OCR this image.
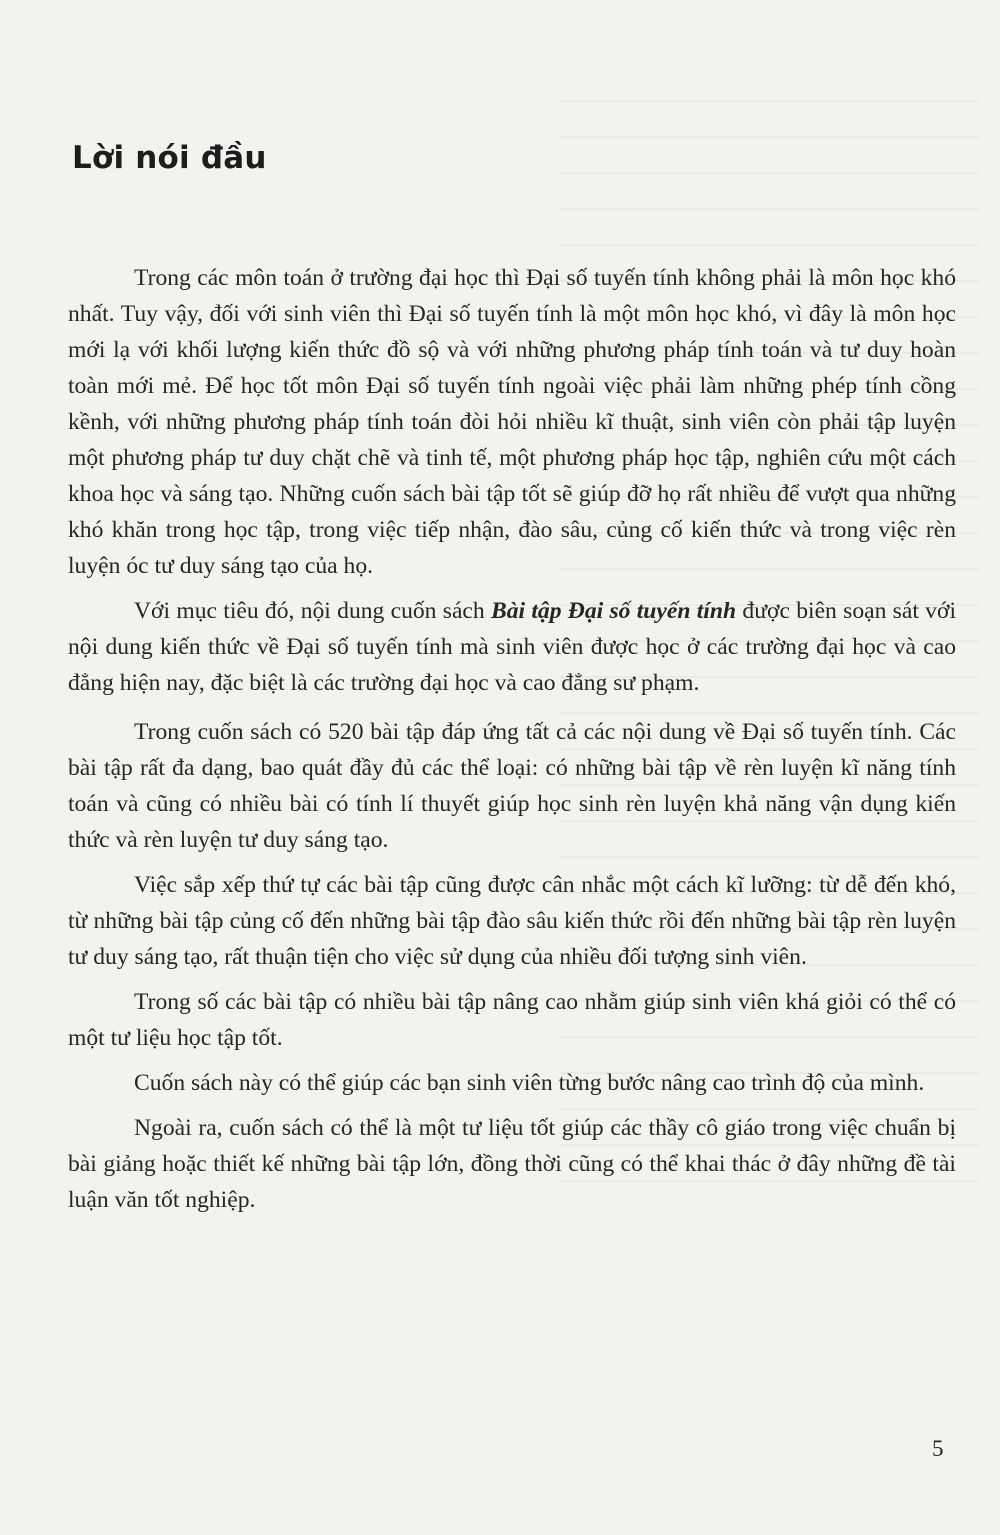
Lời nói đầu

Trong các môn toán ở trường đại học thì Đại số tuyến tính không phải là môn học khó nhất. Tuy vậy, đối với sinh viên thì Đại số tuyến tính là một môn học khó, vì đây là môn học mới lạ với khối lượng kiến thức đồ sộ và với những phương pháp tính toán và tư duy hoàn toàn mới mẻ. Để học tốt môn Đại số tuyến tính ngoài việc phải làm những phép tính cồng kềnh, với những phương pháp tính toán đòi hỏi nhiều kĩ thuật, sinh viên còn phải tập luyện một phương pháp tư duy chặt chẽ và tinh tế, một phương pháp học tập, nghiên cứu một cách khoa học và sáng tạo. Những cuốn sách bài tập tốt sẽ giúp đỡ họ rất nhiều để vượt qua những khó khăn trong học tập, trong việc tiếp nhận, đào sâu, củng cố kiến thức và trong việc rèn luyện óc tư duy sáng tạo của họ.

Với mục tiêu đó, nội dung cuốn sách Bài tập Đại số tuyến tính được biên soạn sát với nội dung kiến thức về Đại số tuyến tính mà sinh viên được học ở các trường đại học và cao đẳng hiện nay, đặc biệt là các trường đại học và cao đẳng sư phạm.

Trong cuốn sách có 520 bài tập đáp ứng tất cả các nội dung về Đại số tuyến tính. Các bài tập rất đa dạng, bao quát đầy đủ các thể loại: có những bài tập về rèn luyện kĩ năng tính toán và cũng có nhiều bài có tính lí thuyết giúp học sinh rèn luyện khả năng vận dụng kiến thức và rèn luyện tư duy sáng tạo.

Việc sắp xếp thứ tự các bài tập cũng được cân nhắc một cách kĩ lưỡng: từ dễ đến khó, từ những bài tập củng cố đến những bài tập đào sâu kiến thức rồi đến những bài tập rèn luyện tư duy sáng tạo, rất thuận tiện cho việc sử dụng của nhiều đối tượng sinh viên.

Trong số các bài tập có nhiều bài tập nâng cao nhằm giúp sinh viên khá giỏi có thể có một tư liệu học tập tốt.

Cuốn sách này có thể giúp các bạn sinh viên từng bước nâng cao trình độ của mình.

Ngoài ra, cuốn sách có thể là một tư liệu tốt giúp các thầy cô giáo trong việc chuẩn bị bài giảng hoặc thiết kế những bài tập lớn, đồng thời cũng có thể khai thác ở đây những đề tài luận văn tốt nghiệp.

5
